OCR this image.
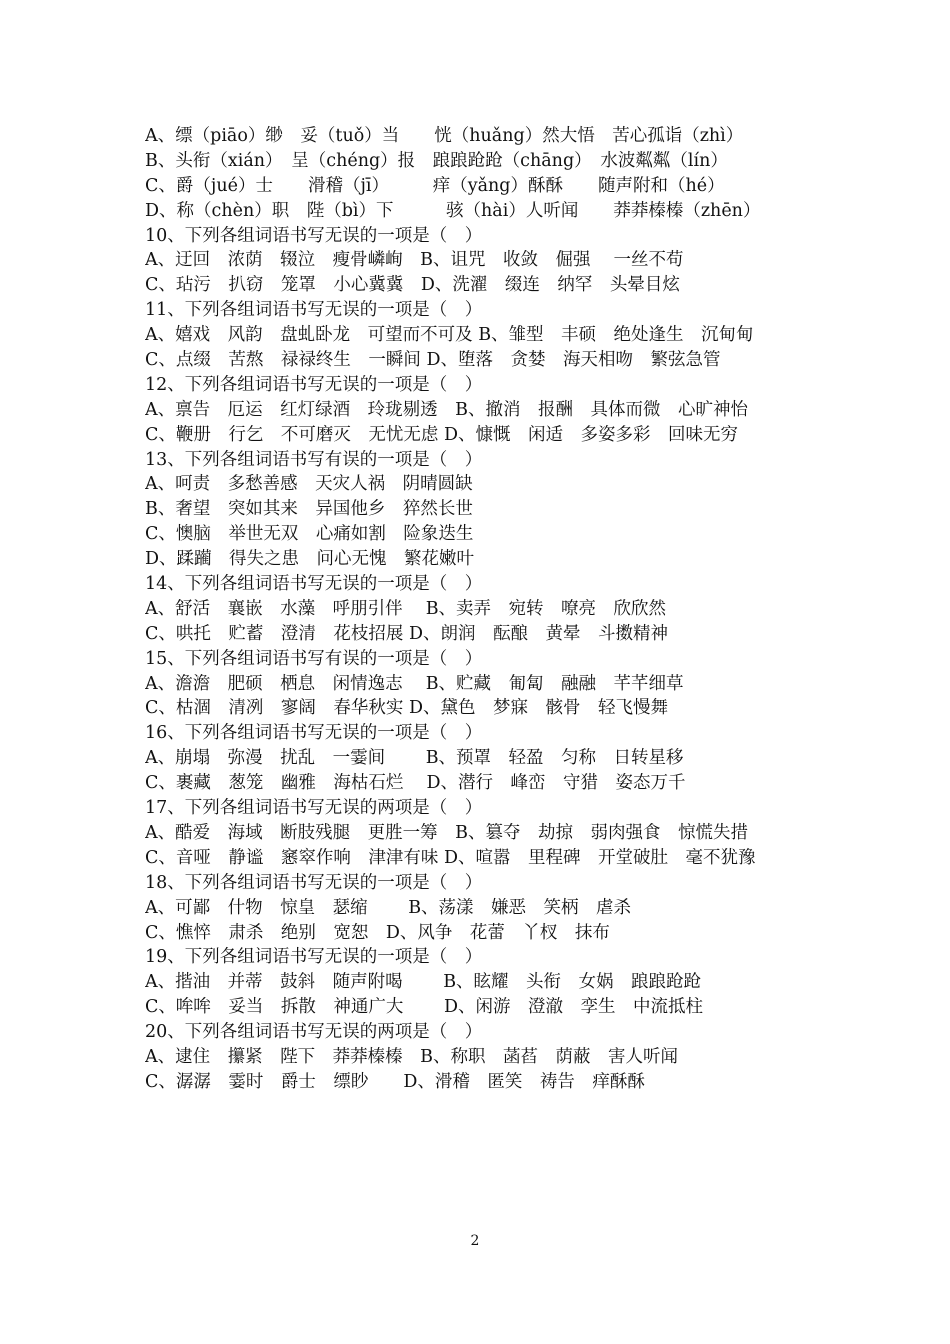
A、缥（piāo）缈　妥（tuǒ）当　　恍（huǎng）然大悟　苦心孤诣（zhì）
B、头衔（xián）　呈（chéng）报　踉踉跄跄（chāng）　水波粼粼（lín）
C、爵（jué）士　　滑稽（jī）　　　痒（yǎng）酥酥　　随声附和（hé）
D、称（chèn）职　陛（bì）下　　　骇（hài）人听闻　　莽莽榛榛（zhēn）
10、下列各组词语书写无误的一项是（　）
A、迂回　浓荫　辍泣　瘦骨嶙峋　B、诅咒　收敛　倔强　 一丝不苟
C、玷污　扒窃　笼罩　小心冀冀　D、洗濯　缀连　纳罕　头晕目炫
11、下列各组词语书写无误的一项是（　）
A、嬉戏　风韵　盘虬卧龙　可望而不可及 B、雏型　丰硕　绝处逢生　沉甸甸
C、点缀　苦熬　禄禄终生　一瞬间 D、堕落　贪婪　海天相吻　繁弦急管
12、下列各组词语书写无误的一项是（　）
A、禀告　厄运　红灯绿酒　玲珑剔透　B、撤消　报酬　具体而微　心旷神怡
C、鞭册　行乞　不可磨灭　无忧无虑 D、慷慨　闲适　多姿多彩　回味无穷
13、下列各组词语书写有误的一项是（　）
A、呵责　多愁善感　天灾人祸　阴晴圆缺
B、奢望　突如其来　异国他乡　猝然长世
C、懊脑　举世无双　心痛如割　险象迭生
D、蹂躏　得失之患　问心无愧　繁花嫩叶
14、下列各组词语书写无误的一项是（　）
A、舒活　襄嵌　水藻　呼朋引伴　 B、卖弄　宛转　嘹亮　欣欣然
C、哄托　贮蓄　澄清　花枝招展 D、朗润　酝酿　黄晕　斗擞精神
15、下列各组词语书写有误的一项是（　）
A、澹澹　肥硕　栖息　闲情逸志　 B、贮藏　匍匐　融融　芊芊细草
C、枯涸　清冽　寥阔　春华秋实 D、黛色　梦寐　骸骨　轻飞慢舞
16、下列各组词语书写无误的一项是（　）
A、崩塌　弥漫　扰乱　一霎间　　 B、预罩　轻盈　匀称　日转星移
C、裹藏　葱笼　幽雅　海枯石烂　 D、潜行　峰峦　守猎　姿态万千
17、下列各组词语书写无误的两项是（　）
A、酷爱　海域　断肢残腿　更胜一筹　B、篡夺　劫掠　弱肉强食　惊慌失措
C、音哑　静谧　窸窣作响　津津有味 D、喧嚣　里程碑　开堂破肚　毫不犹豫
18、下列各组词语书写无误的一项是（　）
A、可鄙　什物　惊皇　瑟缩　　 B、荡漾　嫌恶　笑柄　虐杀
C、憔悴　肃杀　绝别　宽恕　D、风争　花蕾　丫杈　抹布
19、下列各组词语书写无误的一项是（　）
A、揩油　并蒂　鼓斜　随声附喝　　 B、眩耀　头衔　女娲　踉踉跄跄
C、哞哞　妥当　拆散　神通广大　　 D、闲游　澄澈　孪生　中流抵柱
20、下列各组词语书写无误的两项是（　）
A、逮住　攥紧　陛下　莽莽榛榛　B、称职　菡萏　荫蔽　害人听闻
C、潺潺　霎时　爵士　缥眇　　D、滑稽　匿笑　祷告　痒酥酥
2
